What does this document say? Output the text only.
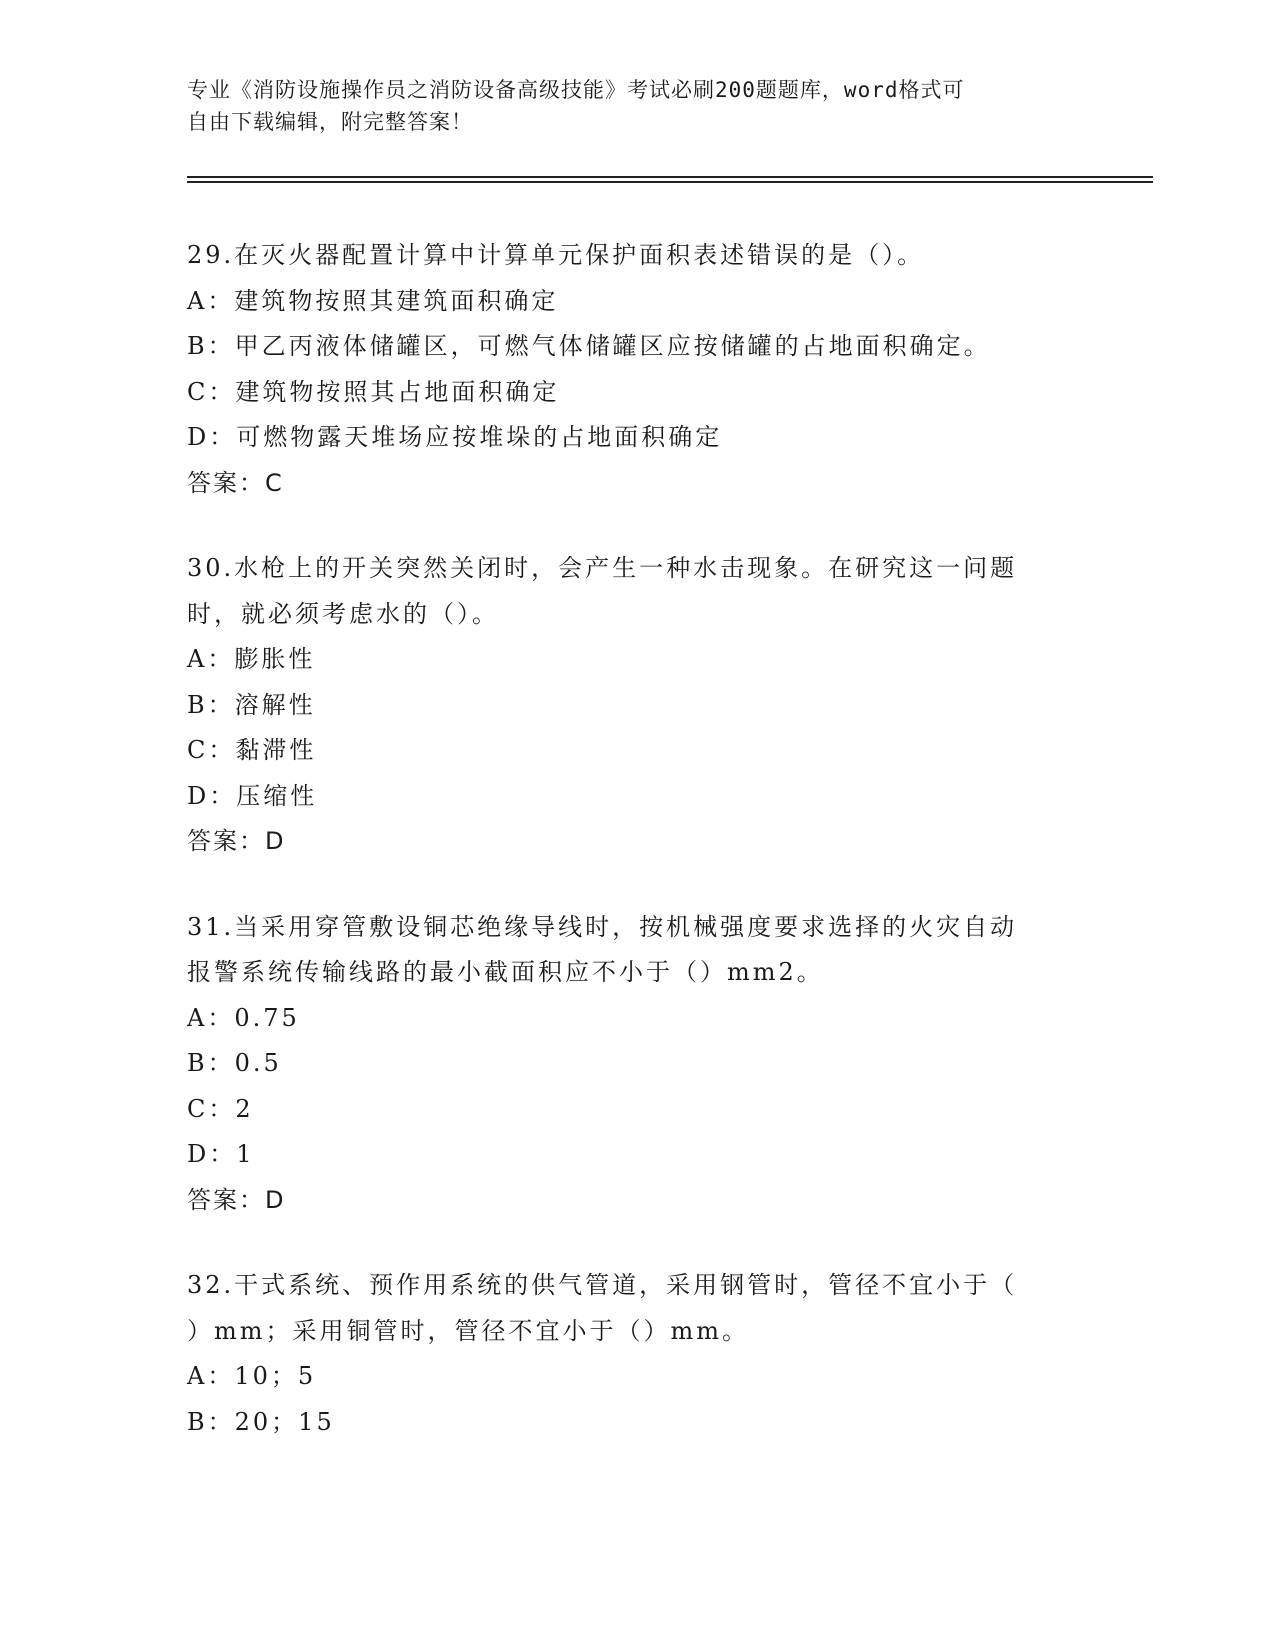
专业《消防设施操作员之消防设备高级技能》考试必刷200题题库，word格式可
自由下载编辑，附完整答案！
29.在灭火器配置计算中计算单元保护面积表述错误的是（）。
A：建筑物按照其建筑面积确定
B：甲乙丙液体储罐区，可燃气体储罐区应按储罐的占地面积确定。
C：建筑物按照其占地面积确定
D：可燃物露天堆场应按堆垛的占地面积确定
答案：C
30.水枪上的开关突然关闭时，会产生一种水击现象。在研究这一问题
时，就必须考虑水的（）。
A：膨胀性
B：溶解性
C：黏滞性
D：压缩性
答案：D
31.当采用穿管敷设铜芯绝缘导线时，按机械强度要求选择的火灾自动
报警系统传输线路的最小截面积应不小于（）mm2。
A：0.75
B：0.5
C：2
D：1
答案：D
32.干式系统、预作用系统的供气管道，采用钢管时，管径不宜小于（
）mm；采用铜管时，管径不宜小于（）mm。
A：10；5
B：20；15
